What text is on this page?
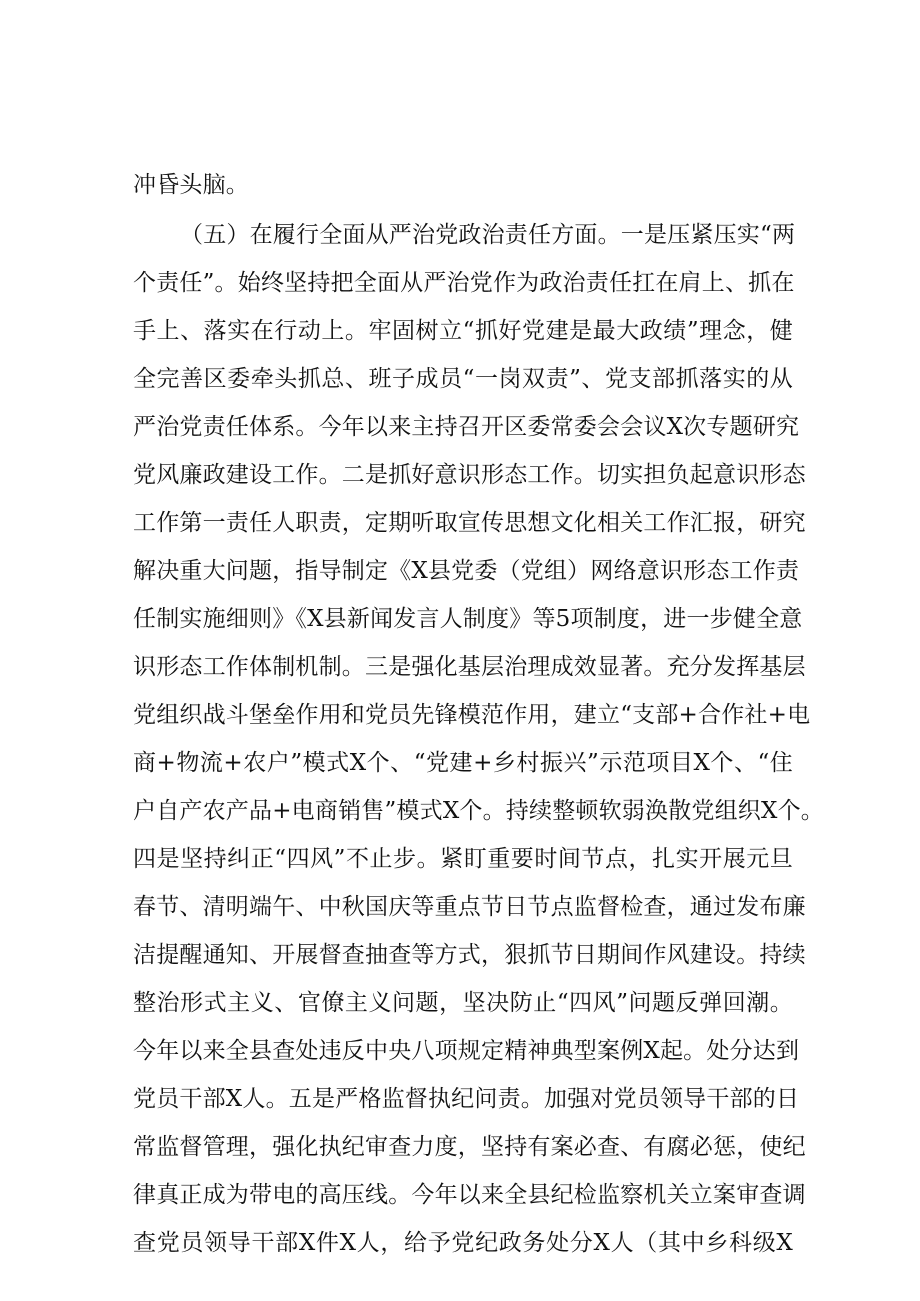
冲昏头脑。
（五）在履行全面从严治党政治责任方面。一是压紧压实“两
个责任”。始终坚持把全面从严治党作为政治责任扛在肩上、抓在
手上、落实在行动上。牢固树立“抓好党建是最大政绩”理念，健
全完善区委牵头抓总、班子成员“一岗双责”、党支部抓落实的从
严治党责任体系。今年以来主持召开区委常委会会议X次专题研究
党风廉政建设工作。二是抓好意识形态工作。切实担负起意识形态
工作第一责任人职责，定期听取宣传思想文化相关工作汇报，研究
解决重大问题，指导制定《X县党委（党组）网络意识形态工作责
任制实施细则》《X县新闻发言人制度》等5项制度，进一步健全意
识形态工作体制机制。三是强化基层治理成效显著。充分发挥基层
党组织战斗堡垒作用和党员先锋模范作用，建立“支部+合作社+电
商+物流+农户”模式X个、“党建+乡村振兴”示范项目X个、“住
户自产农产品+电商销售”模式X个。持续整顿软弱涣散党组织X个。
四是坚持纠正“四风”不止步。紧盯重要时间节点，扎实开展元旦
春节、清明端午、中秋国庆等重点节日节点监督检查，通过发布廉
洁提醒通知、开展督查抽查等方式，狠抓节日期间作风建设。持续
整治形式主义、官僚主义问题，坚决防止“四风”问题反弹回潮。
今年以来全县查处违反中央八项规定精神典型案例X起。处分达到
党员干部X人。五是严格监督执纪问责。加强对党员领导干部的日
常监督管理，强化执纪审查力度，坚持有案必查、有腐必惩，使纪
律真正成为带电的高压线。今年以来全县纪检监察机关立案审查调
查党员领导干部X件X人，给予党纪政务处分X人（其中乡科级X
